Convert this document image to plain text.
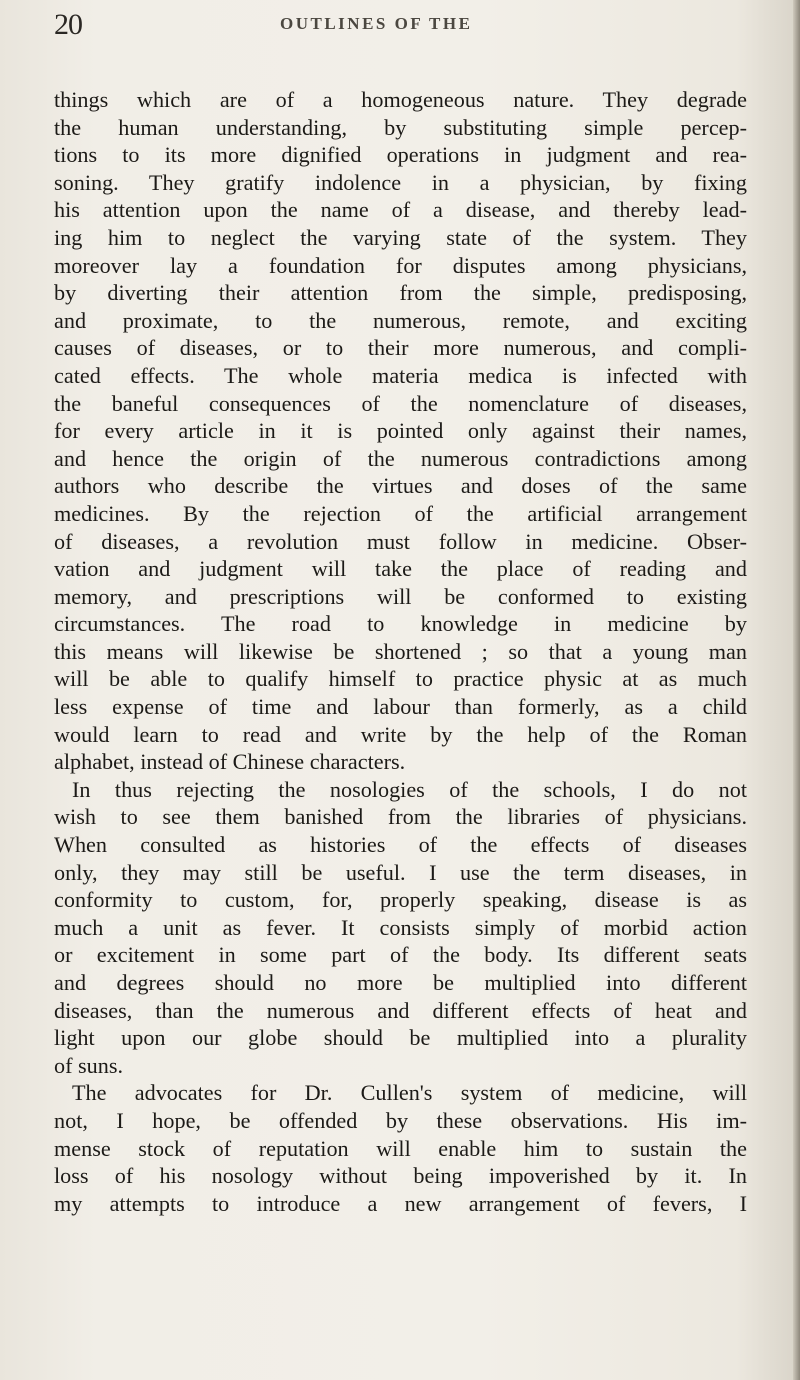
20	OUTLINES OF THE
things which are of a homogeneous nature. They degrade
the human understanding, by substituting simple percep-
tions to its more dignified operations in judgment and rea-
soning. They gratify indolence in a physician, by fixing
his attention upon the name of a disease, and thereby lead-
ing him to neglect the varying state of the system. They
moreover lay a foundation for disputes among physicians,
by diverting their attention from the simple, predisposing,
and proximate, to the numerous, remote, and exciting
causes of diseases, or to their more numerous, and compli-
cated effects. The whole materia medica is infected with
the baneful consequences of the nomenclature of diseases,
for every article in it is pointed only against their names,
and hence the origin of the numerous contradictions among
authors who describe the virtues and doses of the same
medicines. By the rejection of the artificial arrangement
of diseases, a revolution must follow in medicine. Obser-
vation and judgment will take the place of reading and
memory, and prescriptions will be conformed to existing
circumstances. The road to knowledge in medicine by
this means will likewise be shortened ; so that a young man
will be able to qualify himself to practice physic at as much
less expense of time and labour than formerly, as a child
would learn to read and write by the help of the Roman
alphabet, instead of Chinese characters.
In thus rejecting the nosologies of the schools, I do not
wish to see them banished from the libraries of physicians.
When consulted as histories of the effects of diseases
only, they may still be useful. I use the term diseases, in
conformity to custom, for, properly speaking, disease is as
much a unit as fever. It consists simply of morbid action
or excitement in some part of the body. Its different seats
and degrees should no more be multiplied into different
diseases, than the numerous and different effects of heat and
light upon our globe should be multiplied into a plurality
of suns.
The advocates for Dr. Cullen's system of medicine, will
not, I hope, be offended by these observations. His im-
mense stock of reputation will enable him to sustain the
loss of his nosology without being impoverished by it. In
my attempts to introduce a new arrangement of fevers, I
